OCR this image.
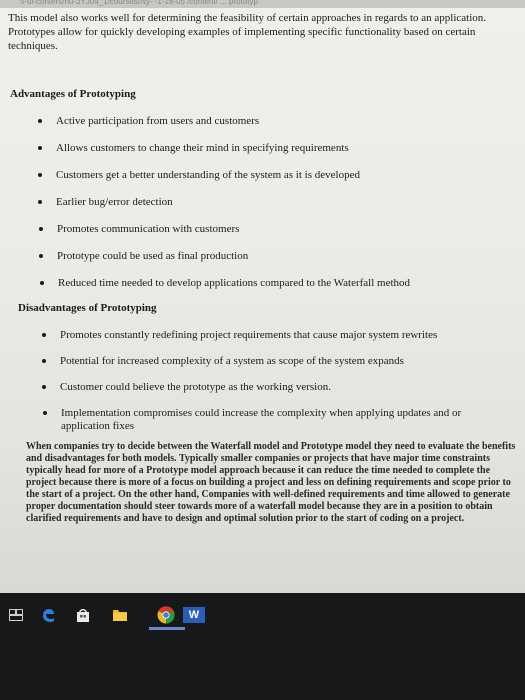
5-ui-content/nu-3YJ04_1/courses/Ny- -1-16-05 /content/ ... prototyp

This model also works well for determining the feasibility of certain approaches in regards to an application. Prototypes allow for quickly developing examples of implementing specific functionality based on certain techniques.

Advantages of Prototyping
Active participation from users and customers
Allows customers to change their mind in specifying requirements
Customers get a better understanding of the system as it is developed
Earlier bug/error detection
Promotes communication with customers
Prototype could be used as final production
Reduced time needed to develop applications compared to the Waterfall method
Disadvantages of Prototyping
Promotes constantly redefining project requirements that cause major system rewrites
Potential for increased complexity of a system as scope of the system expands
Customer could believe the prototype as the working version.
Implementation compromises could increase the complexity when applying updates and or application fixes
When companies try to decide between the Waterfall model and Prototype model they need to evaluate the benefits and disadvantages for both models. Typically smaller companies or projects that have major time constraints typically head for more of a Prototype model approach because it can reduce the time needed to complete the project because there is more of a focus on building a project and less on defining requirements and scope prior to the start of a project. On the other hand, Companies with well-defined requirements and time allowed to generate proper documentation should steer towards more of a waterfall model because they are in a position to obtain clarified requirements and have to design and optimal solution prior to the start of coding on a project.
W
